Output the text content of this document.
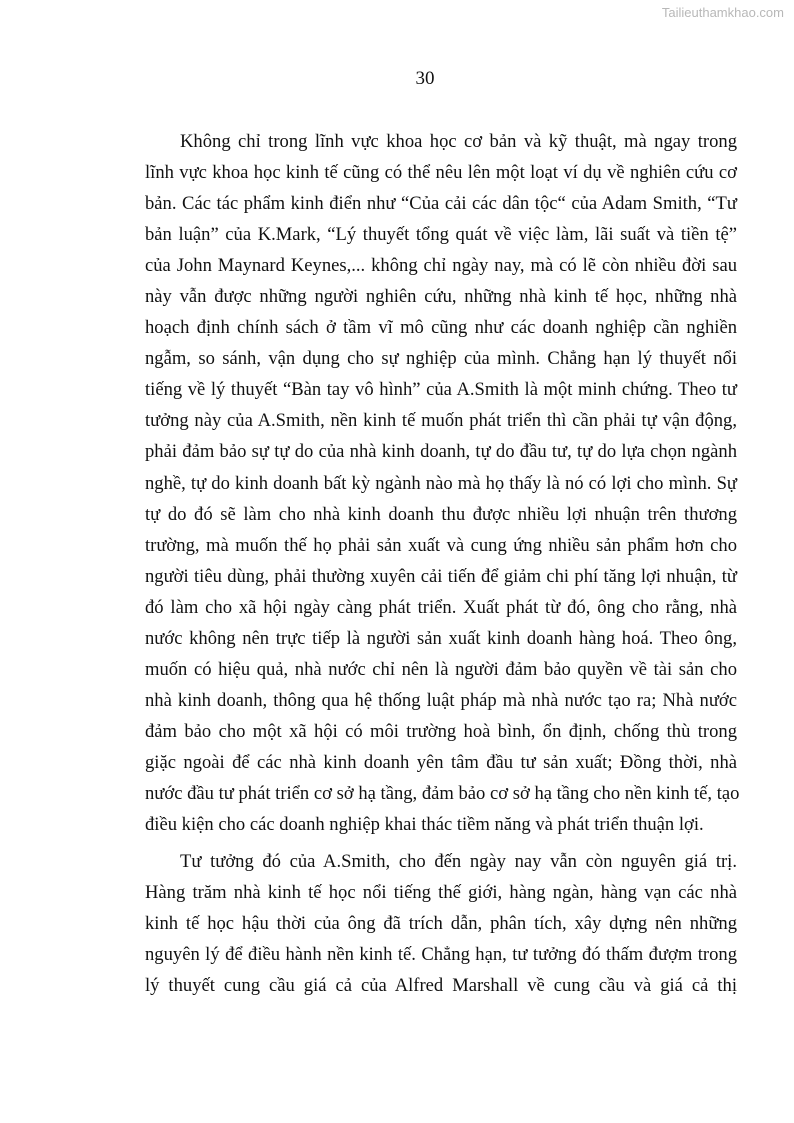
Tailieuthamkhao.com
30
Không chỉ trong lĩnh vực khoa học cơ bản và kỹ thuật, mà ngay trong
lĩnh vực khoa học kinh tế cũng có thể nêu lên một loạt ví dụ về nghiên cứu cơ
bản. Các tác phẩm kinh điển như “Của cải các dân tộc“ của Adam Smith, “Tư
bản luận” của K.Mark, “Lý thuyết tổng quát về việc làm, lãi suất và tiền tệ”
của John Maynard Keynes,... không chỉ ngày nay, mà có lẽ còn nhiều đời sau
này vẫn được những người nghiên cứu, những nhà kinh tế học, những nhà
hoạch định chính sách ở tầm vĩ mô cũng như các doanh nghiệp cần nghiền
ngẫm, so sánh, vận dụng cho sự nghiệp của mình. Chẳng hạn lý thuyết nổi
tiếng về lý thuyết “Bàn tay vô hình” của A.Smith là một minh chứng. Theo tư
tưởng này của A.Smith, nền kinh tế muốn phát triển thì cần phải tự vận động,
phải đảm bảo sự tự do của nhà kinh doanh, tự do đầu tư, tự do lựa chọn ngành
nghề, tự do kinh doanh bất kỳ ngành nào mà họ thấy là nó có lợi cho mình. Sự
tự do đó sẽ làm cho nhà kinh doanh thu được nhiều lợi nhuận trên thương
trường, mà muốn thế họ phải sản xuất và cung ứng nhiều sản phẩm hơn cho
người tiêu dùng, phải thường xuyên cải tiến để giảm chi phí tăng lợi nhuận, từ
đó làm cho xã hội ngày càng phát triển. Xuất phát từ đó, ông cho rằng, nhà
nước không nên trực tiếp là người sản xuất kinh doanh hàng hoá. Theo ông,
muốn có hiệu quả, nhà nước chỉ nên là người đảm bảo quyền về tài sản cho
nhà kinh doanh, thông qua hệ thống luật pháp mà nhà nước tạo ra; Nhà nước
đảm bảo cho một xã hội có môi trường hoà bình, ổn định, chống thù trong
giặc ngoài để các nhà kinh doanh yên tâm đầu tư sản xuất; Đồng thời, nhà
nước đầu tư phát triển cơ sở hạ tầng, đảm bảo cơ sở hạ tầng cho nền kinh tế, tạo
điều kiện cho các doanh nghiệp khai thác tiềm năng và phát triển thuận lợi.
Tư tưởng đó của A.Smith, cho đến ngày nay vẫn còn nguyên giá trị.
Hàng trăm nhà kinh tế học nổi tiếng thế giới, hàng ngàn, hàng vạn các nhà
kinh tế học hậu thời của ông đã trích dẫn, phân tích, xây dựng nên những
nguyên lý để điều hành nền kinh tế. Chẳng hạn, tư tưởng đó thấm đượm trong
lý thuyết cung cầu giá cả của Alfred Marshall về cung cầu và giá cả thị
